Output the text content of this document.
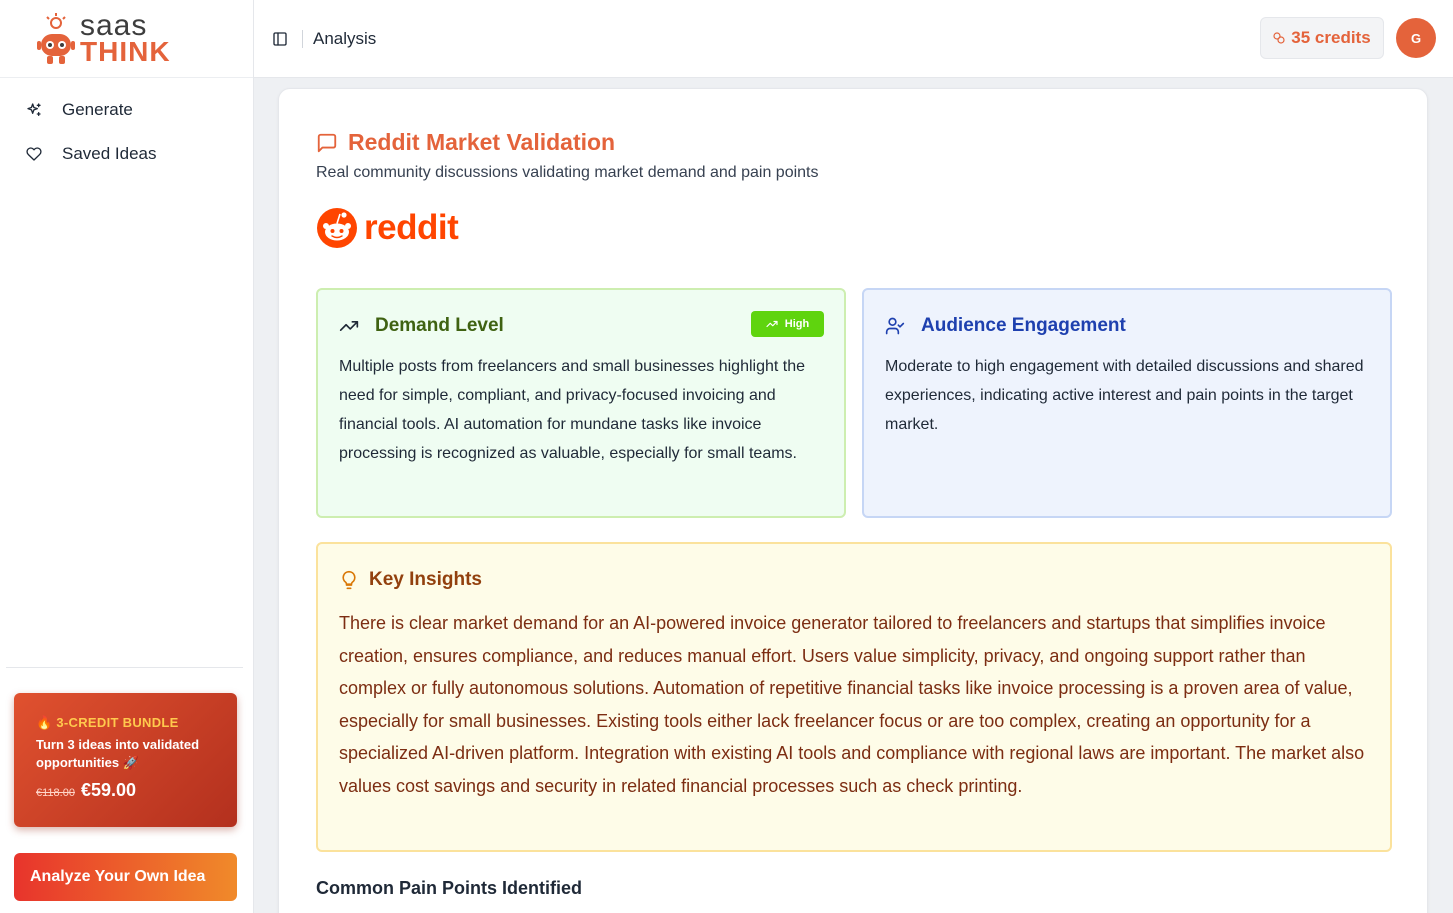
saas
THINK
Generate
Saved Ideas
🔥 3-CREDIT BUNDLE
Turn 3 ideas into validated opportunities 🚀
€118.00 €59.00
Analyze Your Own Idea
Analysis	35 credits	G
Reddit Market Validation
Real community discussions validating market demand and pain points
reddit
Demand Level	High

Multiple posts from freelancers and small businesses highlight the need for simple, compliant, and privacy-focused invoicing and financial tools. AI automation for mundane tasks like invoice processing is recognized as valuable, especially for small teams.

Audience Engagement

Moderate to high engagement with detailed discussions and shared experiences, indicating active interest and pain points in the target market.

Key Insights

There is clear market demand for an AI-powered invoice generator tailored to freelancers and startups that simplifies invoice creation, ensures compliance, and reduces manual effort. Users value simplicity, privacy, and ongoing support rather than complex or fully autonomous solutions. Automation of repetitive financial tasks like invoice processing is a proven area of value, especially for small businesses. Existing tools either lack freelancer focus or are too complex, creating an opportunity for a specialized AI-driven platform. Integration with existing AI tools and compliance with regional laws are important. The market also values cost savings and security in related financial processes such as check printing.

Common Pain Points Identified
